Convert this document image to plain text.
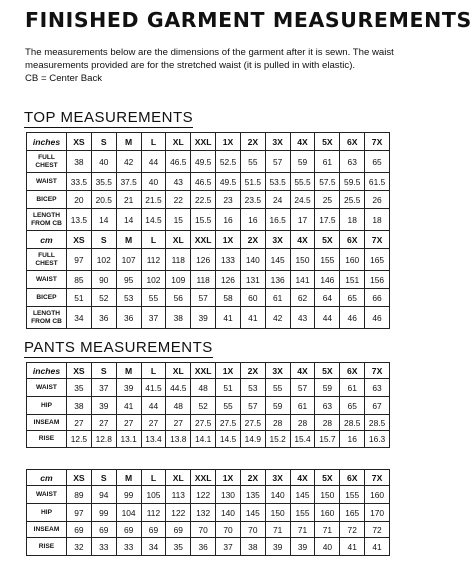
FINISHED GARMENT MEASUREMENTS
The measurements below are the dimensions of the garment after it is sewn. The waist
measurements provided are for the stretched waist (it is pulled in with elastic).
CB = Center Back
TOP MEASUREMENTS
inches	XS	S	M	L	XL	XXL	1X	2X	3X	4X	5X	6X	7X
FULL CHEST	38	40	42	44	46.5	49.5	52.5	55	57	59	61	63	65
WAIST	33.5	35.5	37.5	40	43	46.5	49.5	51.5	53.5	55.5	57.5	59.5	61.5
BICEP	20	20.5	21	21.5	22	22.5	23	23.5	24	24.5	25	25.5	26
LENGTH FROM CB	13.5	14	14	14.5	15	15.5	16	16	16.5	17	17.5	18	18
cm	XS	S	M	L	XL	XXL	1X	2X	3X	4X	5X	6X	7X
FULL CHEST	97	102	107	112	118	126	133	140	145	150	155	160	165
WAIST	85	90	95	102	109	118	126	131	136	141	146	151	156
BICEP	51	52	53	55	56	57	58	60	61	62	64	65	66
LENGTH FROM CB	34	36	36	37	38	39	41	41	42	43	44	46	46
PANTS MEASUREMENTS
inches	XS	S	M	L	XL	XXL	1X	2X	3X	4X	5X	6X	7X
WAIST	35	37	39	41.5	44.5	48	51	53	55	57	59	61	63
HIP	38	39	41	44	48	52	55	57	59	61	63	65	67
INSEAM	27	27	27	27	27	27.5	27.5	27.5	28	28	28	28.5	28.5
RISE	12.5	12.8	13.1	13.4	13.8	14.1	14.5	14.9	15.2	15.4	15.7	16	16.3
cm	XS	S	M	L	XL	XXL	1X	2X	3X	4X	5X	6X	7X
WAIST	89	94	99	105	113	122	130	135	140	145	150	155	160
HIP	97	99	104	112	122	132	140	145	150	155	160	165	170
INSEAM	69	69	69	69	69	70	70	70	71	71	71	72	72
RISE	32	33	33	34	35	36	37	38	39	39	40	41	41
